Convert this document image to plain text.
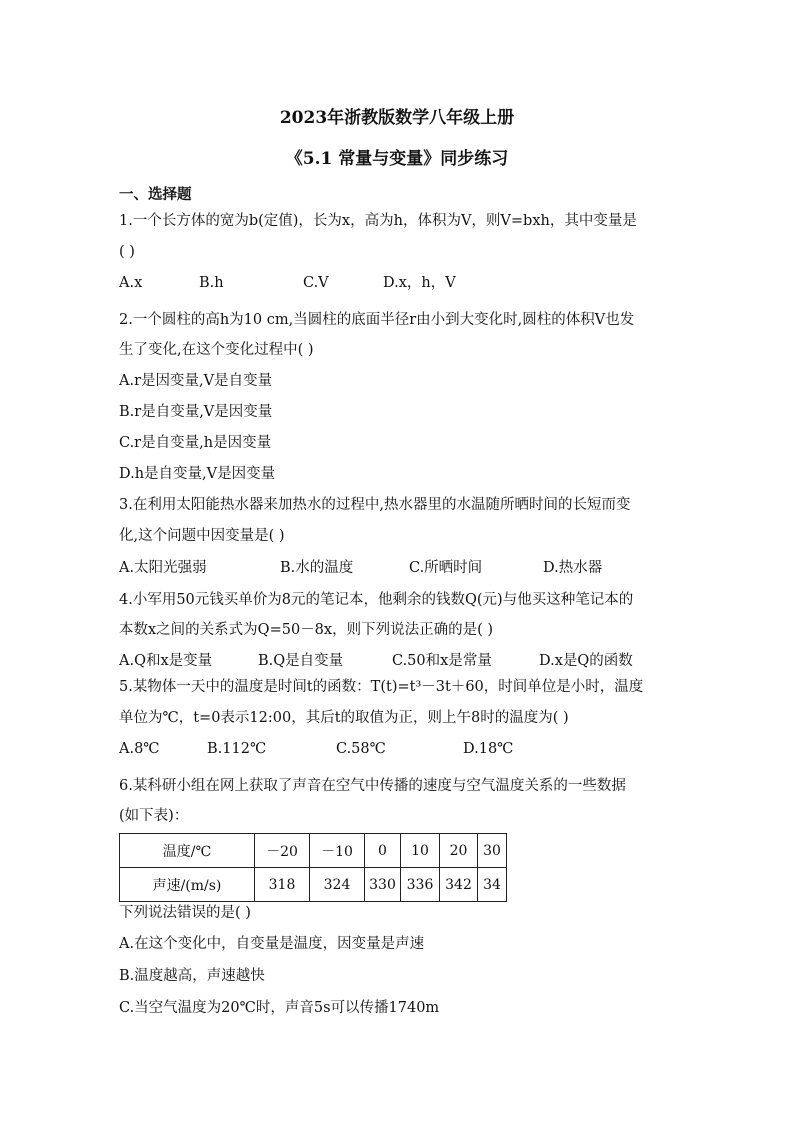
2023年浙教版数学八年级上册
《5.1 常量与变量》同步练习
一、选择题
1.一个长方体的宽为b(定值)，长为x，高为h，体积为V，则V=bxh，其中变量是
( )
A.x	B.h	C.V	D.x，h，V
2.一个圆柱的高h为10 cm,当圆柱的底面半径r由小到大变化时,圆柱的体积V也发
生了变化,在这个变化过程中( )
A.r是因变量,V是自变量
B.r是自变量,V是因变量
C.r是自变量,h是因变量
D.h是自变量,V是因变量
3.在利用太阳能热水器来加热水的过程中,热水器里的水温随所晒时间的长短而变
化,这个问题中因变量是( )
A.太阳光强弱	B.水的温度	C.所晒时间	D.热水器
4.小军用50元钱买单价为8元的笔记本，他剩余的钱数Q(元)与他买这种笔记本的
本数x之间的关系式为Q=50－8x，则下列说法正确的是( )
A.Q和x是变量	B.Q是自变量	C.50和x是常量	D.x是Q的函数
5.某物体一天中的温度是时间t的函数：T(t)=t³－3t＋60，时间单位是小时，温度
单位为℃，t=0表示12:00，其后t的取值为正，则上午8时的温度为( )
A.8℃	B.112℃	C.58℃	D.18℃
6.某科研小组在网上获取了声音在空气中传播的速度与空气温度关系的一些数据
(如下表)：
温度/℃	－20	－10	0	10	20	30
声速/(m/s)	318	324	330	336	342	34
下列说法错误的是( )
A.在这个变化中，自变量是温度，因变量是声速
B.温度越高，声速越快
C.当空气温度为20℃时，声音5s可以传播1740m
